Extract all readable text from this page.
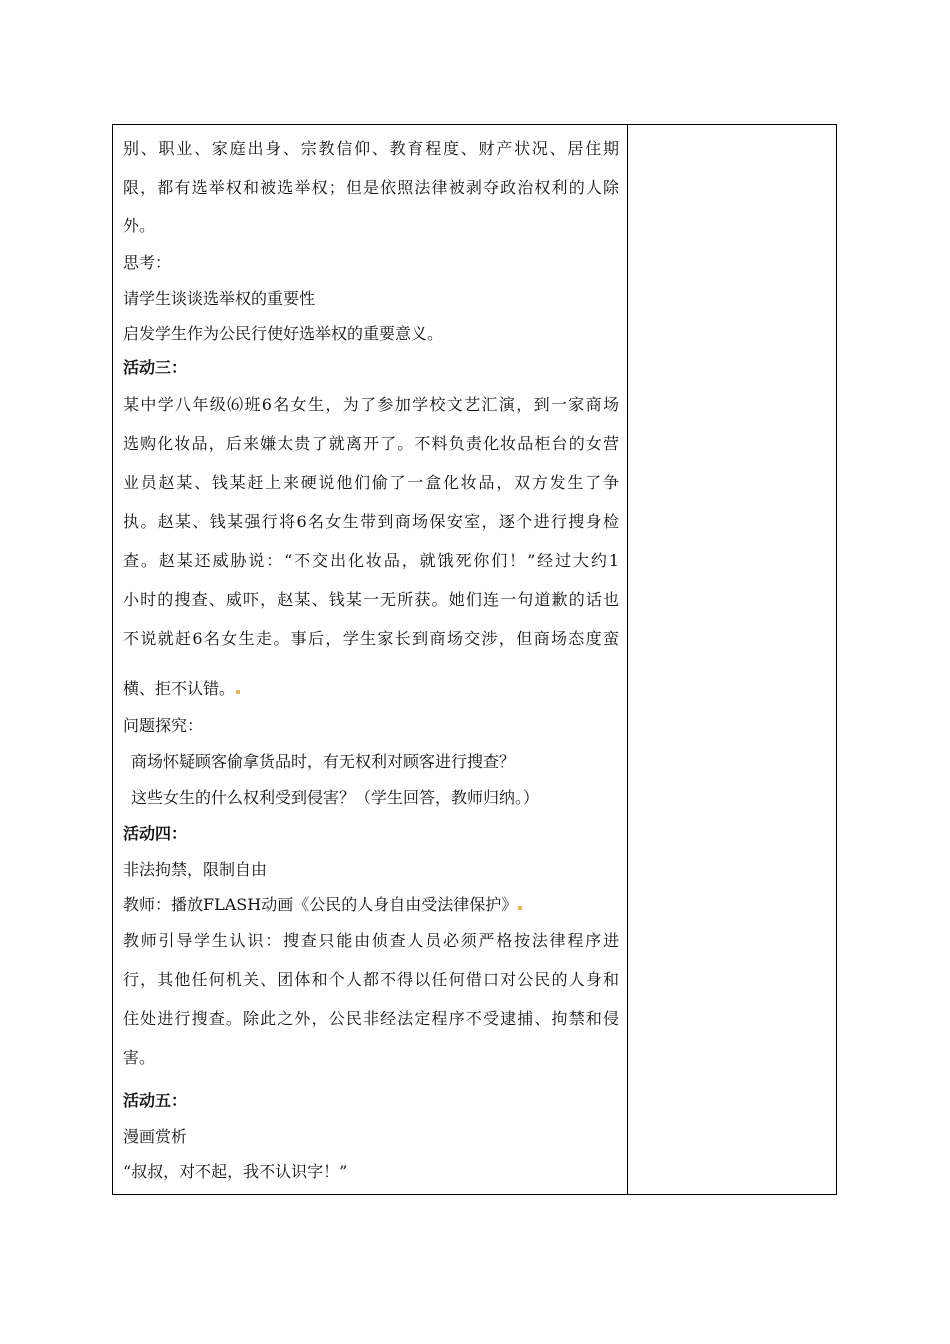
别、职业、家庭出身、宗教信仰、教育程度、财产状况、居住期
限，都有选举权和被选举权；但是依照法律被剥夺政治权利的人除
外。
思考：
请学生谈谈选举权的重要性
启发学生作为公民行使好选举权的重要意义。
活动三：
某中学八年级⑹班6名女生，为了参加学校文艺汇演，到一家商场
选购化妆品，后来嫌太贵了就离开了。不料负责化妆品柜台的女营
业员赵某、钱某赶上来硬说他们偷了一盒化妆品，双方发生了争
执。赵某、钱某强行将6名女生带到商场保安室，逐个进行搜身检
查。赵某还威胁说：“不交出化妆品，就饿死你们！”经过大约1
小时的搜查、威吓，赵某、钱某一无所获。她们连一句道歉的话也
不说就赶6名女生走。事后，学生家长到商场交涉，但商场态度蛮
横、拒不认错。
问题探究：
商场怀疑顾客偷拿货品时，有无权利对顾客进行搜查？
这些女生的什么权利受到侵害？（学生回答，教师归纳。）
活动四：
非法拘禁，限制自由
教师：播放FLASH动画《公民的人身自由受法律保护》
教师引导学生认识：搜查只能由侦查人员必须严格按法律程序进
行，其他任何机关、团体和个人都不得以任何借口对公民的人身和
住处进行搜查。除此之外，公民非经法定程序不受逮捕、拘禁和侵
害。
活动五：
漫画赏析
“叔叔，对不起，我不认识字！”
